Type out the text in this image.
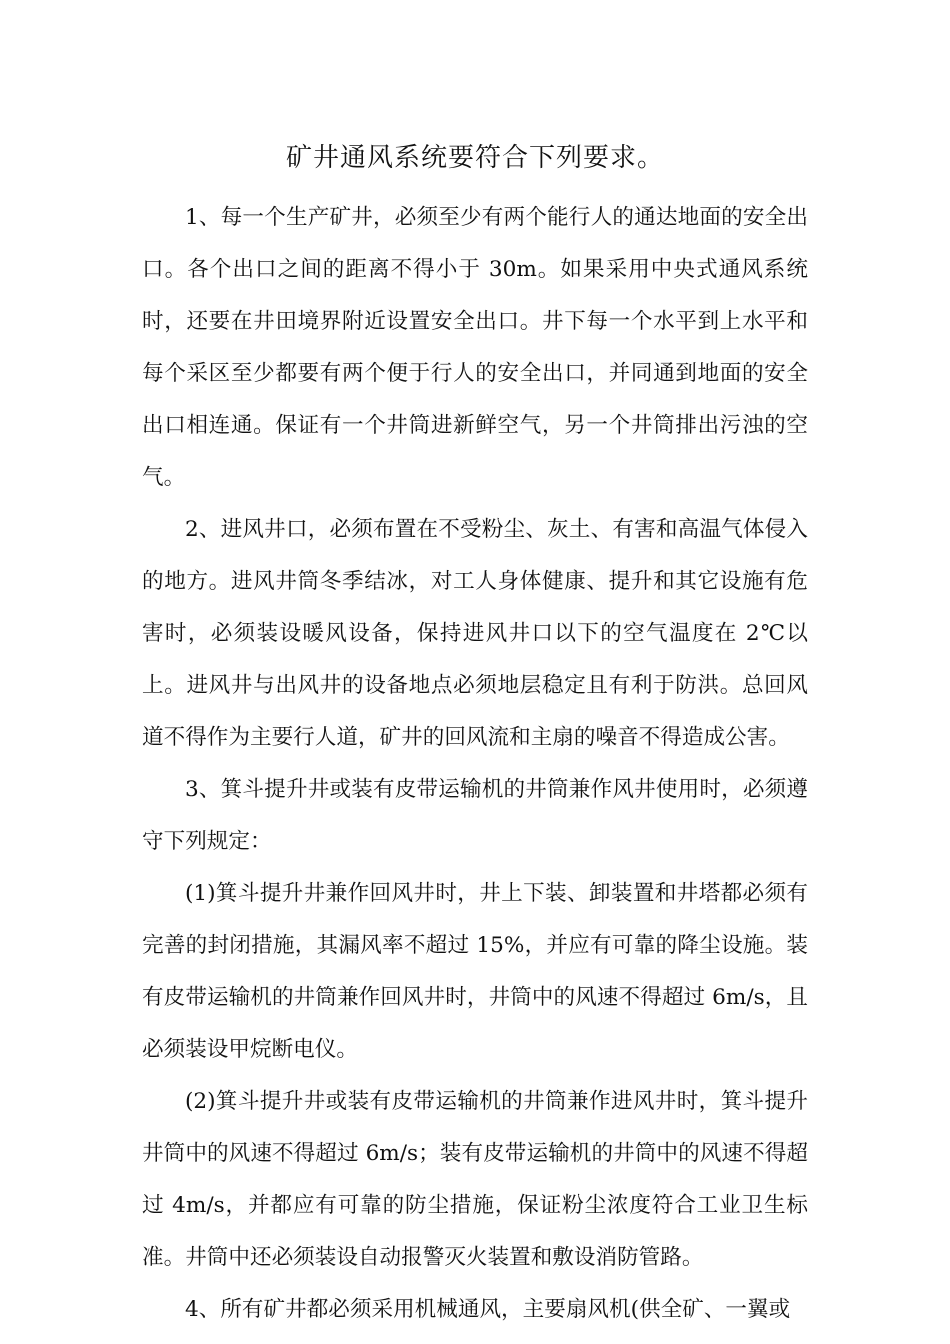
矿井通风系统要符合下列要求。

1、每一个生产矿井，必须至少有两个能行人的通达地面的安全出口。各个出口之间的距离不得小于 30m。如果采用中央式通风系统时，还要在井田境界附近设置安全出口。井下每一个水平到上水平和每个采区至少都要有两个便于行人的安全出口，并同通到地面的安全出口相连通。保证有一个井筒进新鲜空气，另一个井筒排出污浊的空气。

2、进风井口，必须布置在不受粉尘、灰土、有害和高温气体侵入的地方。进风井筒冬季结冰，对工人身体健康、提升和其它设施有危害时，必须装设暖风设备，保持进风井口以下的空气温度在 2℃以上。进风井与出风井的设备地点必须地层稳定且有利于防洪。总回风道不得作为主要行人道，矿井的回风流和主扇的噪音不得造成公害。

3、箕斗提升井或装有皮带运输机的井筒兼作风井使用时，必须遵守下列规定：

(1)箕斗提升井兼作回风井时，井上下装、卸装置和井塔都必须有完善的封闭措施，其漏风率不超过 15%，并应有可靠的降尘设施。装有皮带运输机的井筒兼作回风井时，井筒中的风速不得超过 6m/s，且必须装设甲烷断电仪。

(2)箕斗提升井或装有皮带运输机的井筒兼作进风井时，箕斗提升井筒中的风速不得超过 6m/s；装有皮带运输机的井筒中的风速不得超过 4m/s，并都应有可靠的防尘措施，保证粉尘浓度符合工业卫生标准。井筒中还必须装设自动报警灭火装置和敷设消防管路。

4、所有矿井都必须采用机械通风，主要扇风机(供全矿、一翼或
